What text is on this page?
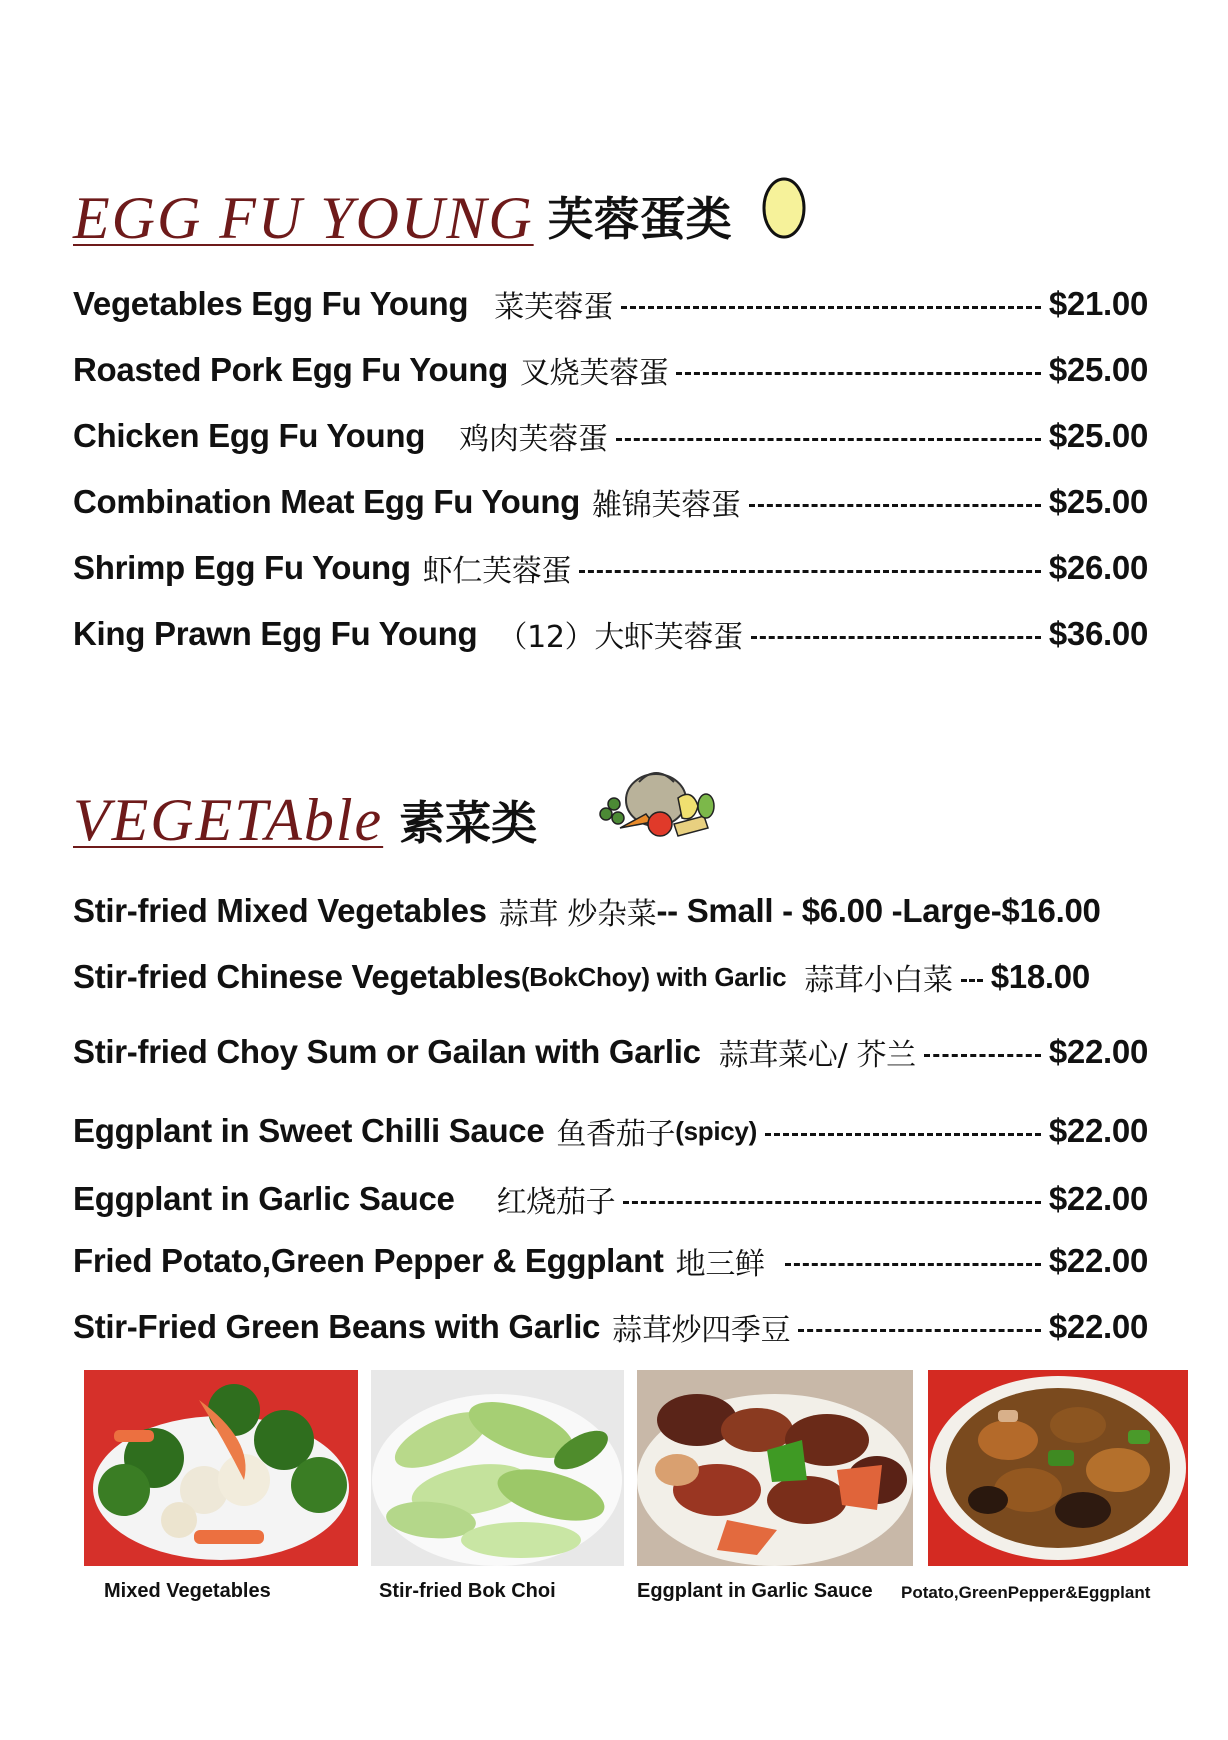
EGG FU YOUNG 芙蓉蛋类
Vegetables Egg Fu Young 菜芙蓉蛋	$21.00
Roasted Pork Egg Fu Young 叉烧芙蓉蛋	$25.00
Chicken Egg Fu Young 鸡肉芙蓉蛋	$25.00
Combination Meat Egg Fu Young 雑锦芙蓉蛋	$25.00
Shrimp Egg Fu Young 虾仁芙蓉蛋	$26.00
King Prawn Egg Fu Young （12）大虾芙蓉蛋	$36.00
VEGETAble 素菜类
Stir-fried Mixed Vegetables 蒜茸 炒杂菜 -- Small - $6.00 - Large - $16.00
Stir-fried Chinese Vegetables (BokChoy) with Garlic 蒜茸小白菜 $18.00
Stir-fried Choy Sum or Gailan with Garlic 蒜茸菜心/ 芥兰	$22.00
Eggplant in Sweet Chilli Sauce 鱼香茄子 (spicy)	$22.00
Eggplant in Garlic Sauce 红烧茄子	$22.00
Fried Potato,Green Pepper & Eggplant 地三鲜	$22.00
Stir-Fried Green Beans with Garlic 蒜茸炒四季豆	$22.00
Mixed Vegetables	Stir-fried Bok Choi	Eggplant in Garlic Sauce Potato,GreenPepper&Eggplant
